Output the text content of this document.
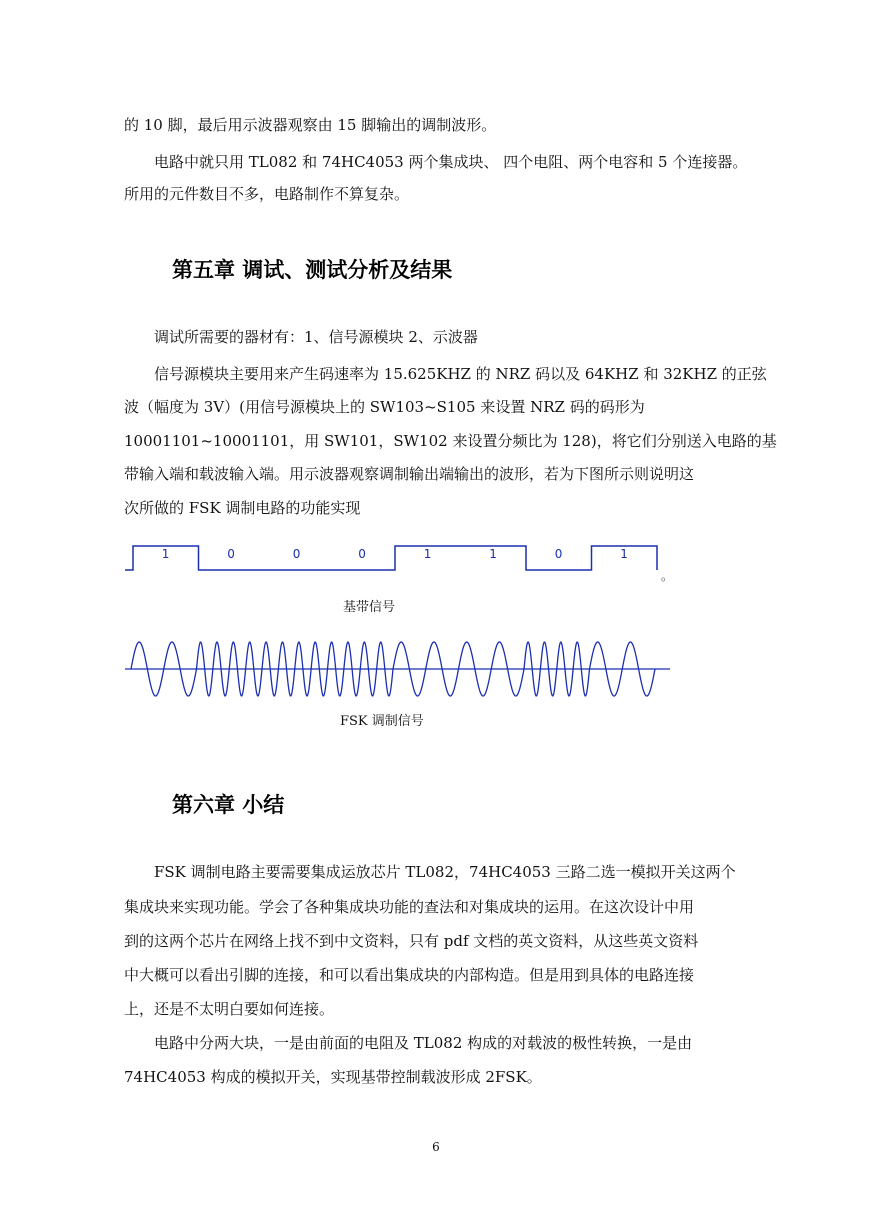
的 10 脚，最后用示波器观察由 15 脚输出的调制波形。
　　电路中就只用 TL082 和 74HC4053 两个集成块、 四个电阻、两个电容和 5 个连接器。
所用的元件数目不多，电路制作不算复杂。
第五章 调试、测试分析及结果
　　调试所需要的器材有：1、信号源模块 2、示波器
　　信号源模块主要用来产生码速率为 15.625KHZ 的 NRZ 码以及 64KHZ 和 32KHZ 的正弦
波（幅度为 3V）(用信号源模块上的 SW103~S105 来设置 NRZ 码的码形为
10001101~10001101，用 SW101，SW102 来设置分频比为 128)，将它们分别送入电路的基
带输入端和载波输入端。用示波器观察调制输出端输出的波形，若为下图所示则说明这
次所做的 FSK 调制电路的功能实现
1	0	0	0	1	1	0	1
。
基带信号
FSK 调制信号
第六章 小结
　　FSK 调制电路主要需要集成运放芯片 TL082，74HC4053 三路二选一模拟开关这两个
集成块来实现功能。学会了各种集成块功能的查法和对集成块的运用。在这次设计中用
到的这两个芯片在网络上找不到中文资料，只有 pdf 文档的英文资料，从这些英文资料
中大概可以看出引脚的连接，和可以看出集成块的内部构造。但是用到具体的电路连接
上，还是不太明白要如何连接。
　　电路中分两大块，一是由前面的电阻及 TL082 构成的对载波的极性转换，一是由
74HC4053 构成的模拟开关，实现基带控制载波形成 2FSK。
6
